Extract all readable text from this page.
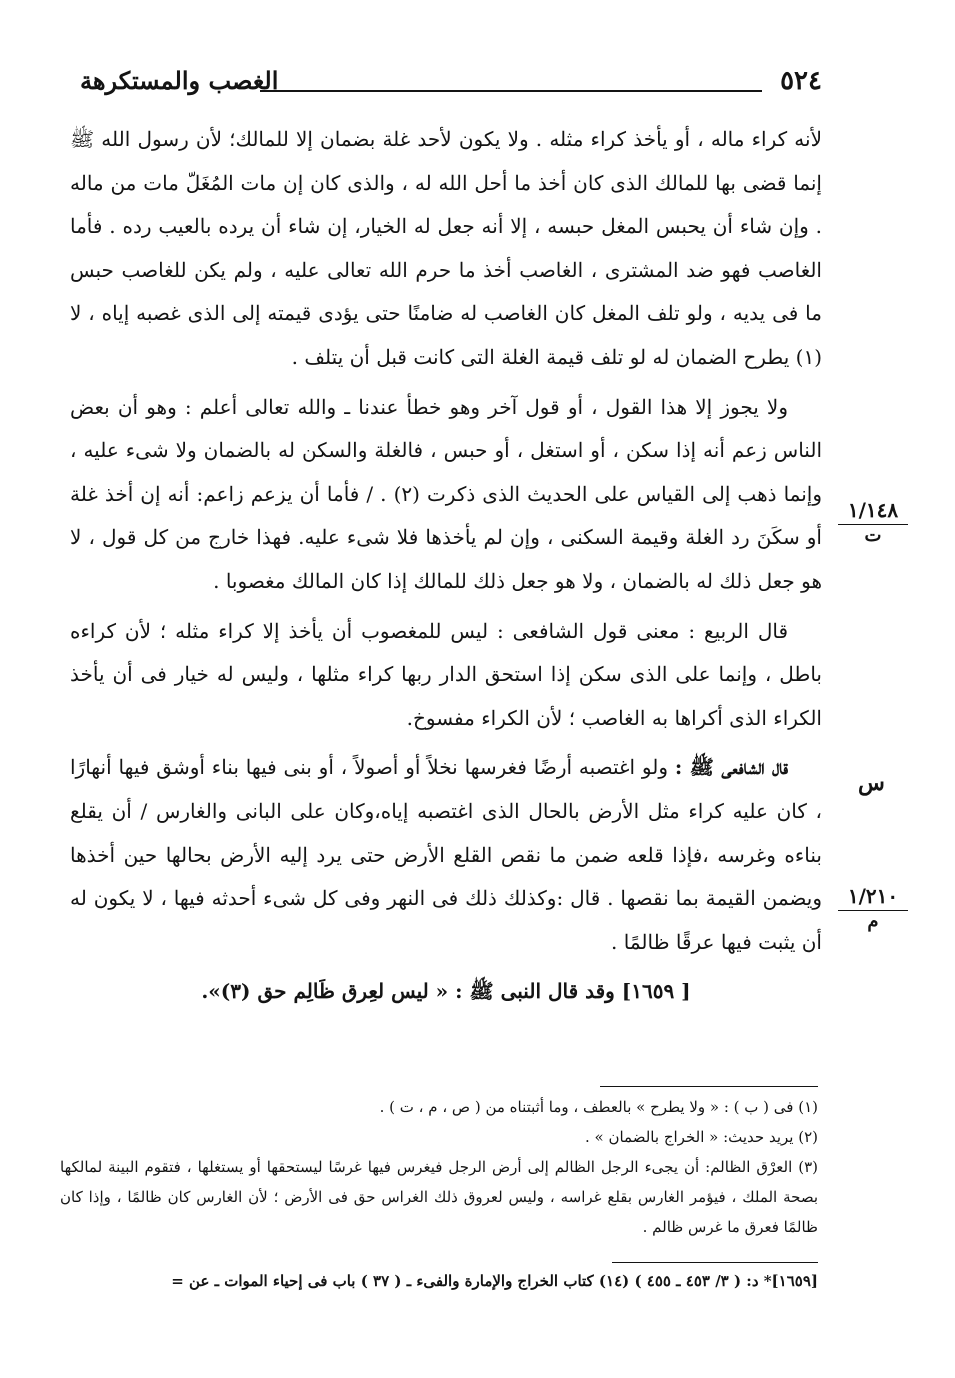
٥٢٤
الغصب والمستكرهة

لأنه كراء ماله ، أو يأخذ كراء مثله . ولا يكون لأحد غلة بضمان إلا للمالك؛ لأن رسول الله ﷺ إنما قضى بها للمالك الذى كان أخذ ما أحل الله له ، والذى كان إن مات المُغَلّ مات من ماله . وإن شاء أن يحبس المغل حبسه ، إلا أنه جعل له الخيار، إن شاء أن يرده بالعيب رده . فأما الغاصب فهو ضد المشترى ، الغاصب أخذ ما حرم الله تعالى عليه ، ولم يكن للغاصب حبس ما فى يديه ، ولو تلف المغل كان الغاصب له ضامنًا حتى يؤدى قيمته إلى الذى غصبه إياه ، لا (١) يطرح الضمان له لو تلف قيمة الغلة التى كانت قبل أن يتلف .

ولا يجوز إلا هذا القول ، أو قول آخر وهو خطأ عندنا ـ والله تعالى أعلم : وهو أن بعض الناس زعم أنه إذا سكن ، أو استغل ، أو حبس ، فالغلة والسكن له بالضمان ولا شىء عليه ، وإنما ذهب إلى القياس على الحديث الذى ذكرت (٢) . / فأما أن يزعم زاعم: أنه إن أخذ غلة أو سكَنَ رد الغلة وقيمة السكنى ، وإن لم يأخذها فلا شىء عليه. فهذا خارج من كل قول ، لا هو جعل ذلك له بالضمان ، ولا هو جعل ذلك للمالك إذا كان المالك مغصوبا .

قال الربيع : معنى قول الشافعى : ليس للمغصوب أن يأخذ إلا كراء مثله ؛ لأن كراءه باطل ، وإنما على الذى سكن إذا استحق الدار ربها كراء مثلها ، وليس له خيار فى أن يأخذ الكراء الذى أكراها به الغاصب ؛ لأن الكراء مفسوخ.

قال الشافعى ﷺ : ولو اغتصبه أرضًا فغرسها نخلاً أو أصولاً ، أو بنى فيها بناء أوشق فيها أنهارًا ، كان عليه كراء مثل الأرض بالحال الذى اغتصبه إياه،وكان على البانى والغارس / أن يقلع بناءه وغرسه ،فإذا قلعه ضمن ما نقص القلع الأرض حتى يرد إليه الأرض بحالها حين أخذها ويضمن القيمة بما نقصها . قال :وكذلك ذلك فى النهر وفى كل شىء أحدثه فيها ، لا يكون له أن يثبت فيها عرقًا ظالمًا .

[ ١٦٥٩] وقد قال النبى ﷺ : « ليس لعِرق ظَالِم حق (٣)».

١/١٤٨
ت
س
١/٢١٠
م

(١) فى ( ب ) : « ولا يطرح » بالعطف ، وما أثبتناه من ( ص ، م ، ت ) .

(٢) يريد حديث: « الخراج بالضمان » .

(٣) العرْق الظالم: أن يجىء الرجل الظالم إلى أرض الرجل فيغرس فيها غرسًا ليستحقها أو يستغلها ، فتقوم البينة لمالكها بصحة الملك ، فيؤمر الغارس بقلع غراسه ، وليس لعروق ذلك الغراس حق فى الأرض ؛ لأن الغارس كان ظالمًا ، وإذا كان ظالمًا فعرق ما غرس ظالم .

[١٦٥٩]* د: ( ٣/ ٤٥٣ ـ ٤٥٥ ) (١٤) كتاب الخراج والإمارة والفىء ـ ( ٣٧ ) باب فى إحياء الموات ـ عن =
